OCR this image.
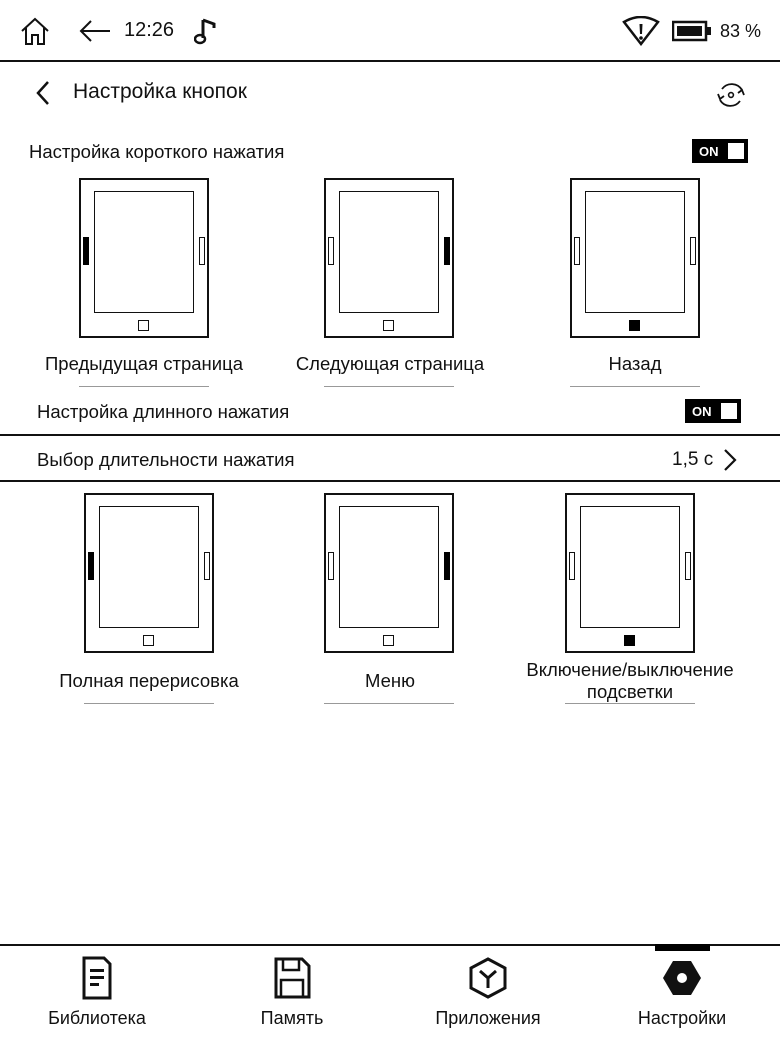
12:26	83 %
Настройка кнопок
Настройка короткого нажатия	ON
Предыдущая страница	Следующая страница	Назад
Настройка длинного нажатия	ON
Выбор длительности нажатия	1,5 с
Полная перерисовка	Меню
Включение/выключение подсветки
Библиотека	Память	Приложения	Настройки
